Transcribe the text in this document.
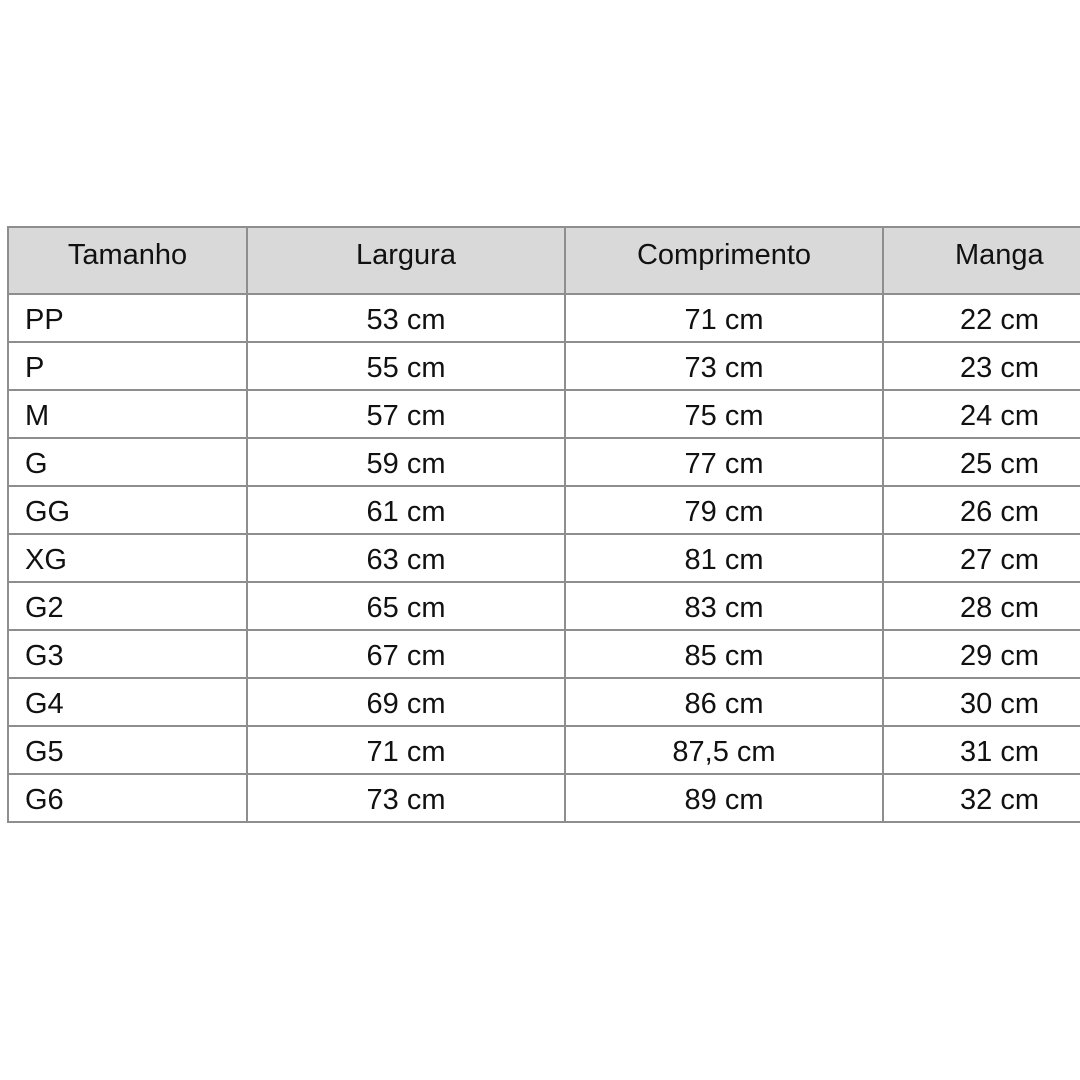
Tamanho	Largura	Comprimento	Manga
PP	53 cm	71 cm	22 cm
P	55 cm	73 cm	23 cm
M	57 cm	75 cm	24 cm
G	59 cm	77 cm	25 cm
GG	61 cm	79 cm	26 cm
XG	63 cm	81 cm	27 cm
G2	65 cm	83 cm	28 cm
G3	67 cm	85 cm	29 cm
G4	69 cm	86 cm	30 cm
G5	71 cm	87,5 cm	31 cm
G6	73 cm	89 cm	32 cm
